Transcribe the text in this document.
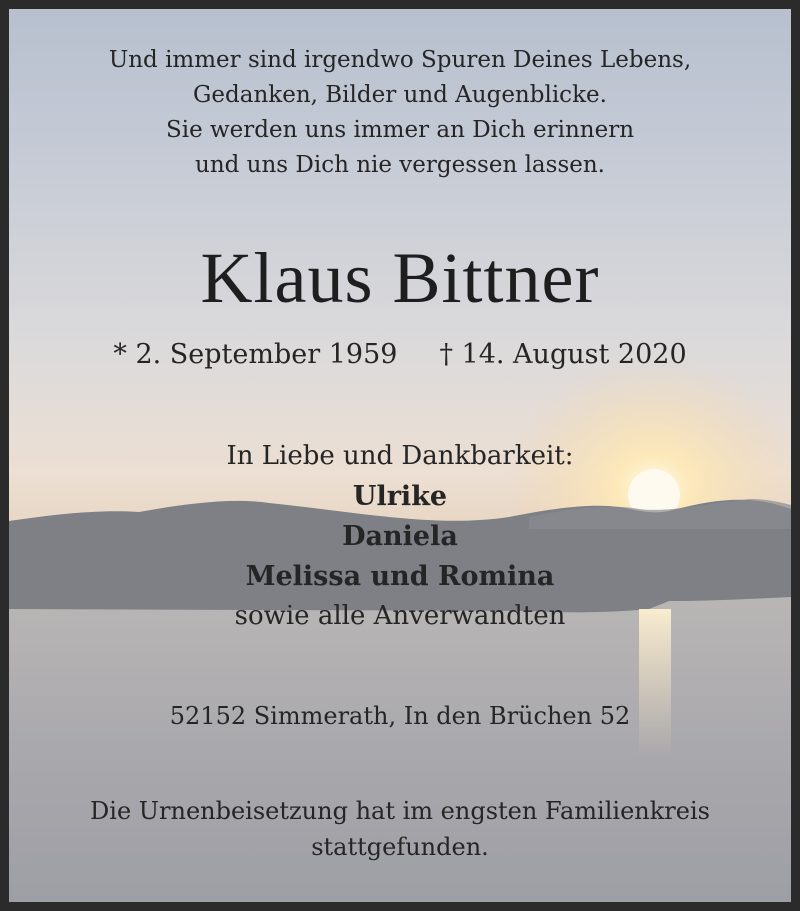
Und immer sind irgendwo Spuren Deines Lebens,
Gedanken, Bilder und Augenblicke.
Sie werden uns immer an Dich erinnern
und uns Dich nie vergessen lassen.
Klaus Bittner
* 2. September 1959 † 14. August 2020
In Liebe und Dankbarkeit:
Ulrike
Daniela
Melissa und Romina
sowie alle Anverwandten
52152 Simmerath, In den Brüchen 52
Die Urnenbeisetzung hat im engsten Familienkreis
stattgefunden.
